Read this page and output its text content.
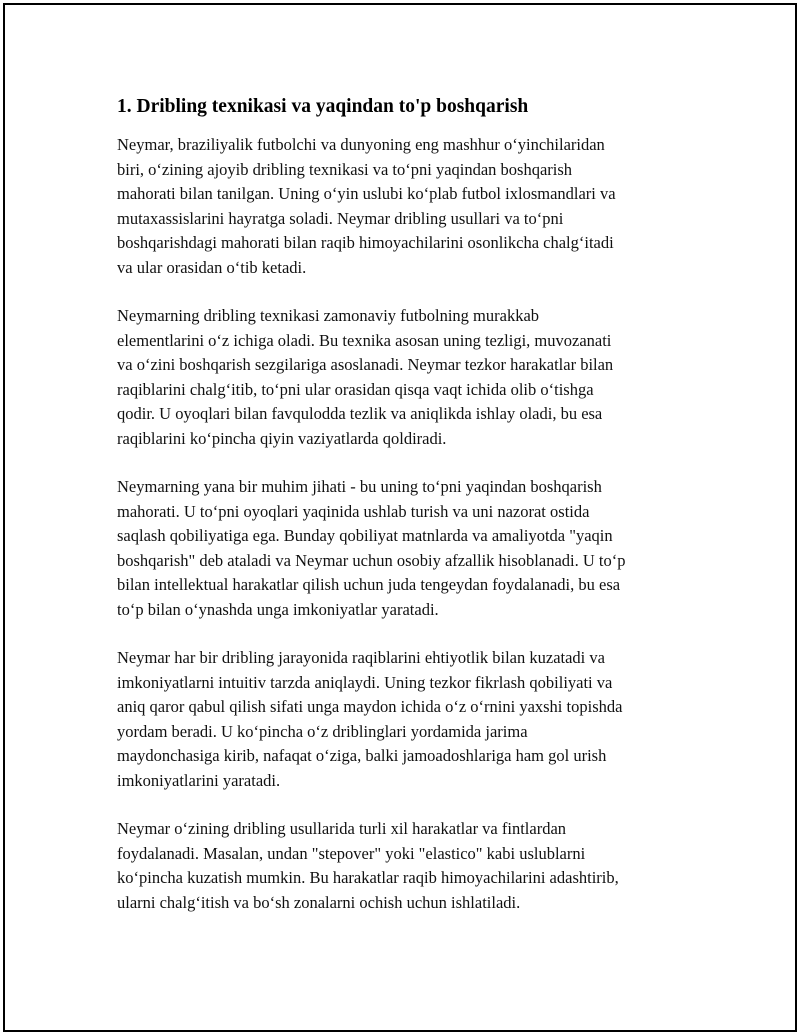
1. Dribling texnikasi va yaqindan to'p boshqarish

Neymar, braziliyalik futbolchi va dunyoning eng mashhur o‘yinchilaridan
biri, o‘zining ajoyib dribling texnikasi va to‘pni yaqindan boshqarish
mahorati bilan tanilgan. Uning o‘yin uslubi ko‘plab futbol ixlosmandlari va
mutaxassislarini hayratga soladi. Neymar dribling usullari va to‘pni
boshqarishdagi mahorati bilan raqib himoyachilarini osonlikcha chalg‘itadi
va ular orasidan o‘tib ketadi.

Neymarning dribling texnikasi zamonaviy futbolning murakkab
elementlarini o‘z ichiga oladi. Bu texnika asosan uning tezligi, muvozanati
va o‘zini boshqarish sezgilariga asoslanadi. Neymar tezkor harakatlar bilan
raqiblarini chalg‘itib, to‘pni ular orasidan qisqa vaqt ichida olib o‘tishga
qodir. U oyoqlari bilan favqulodda tezlik va aniqlikda ishlay oladi, bu esa
raqiblarini ko‘pincha qiyin vaziyatlarda qoldiradi.

Neymarning yana bir muhim jihati - bu uning to‘pni yaqindan boshqarish
mahorati. U to‘pni oyoqlari yaqinida ushlab turish va uni nazorat ostida
saqlash qobiliyatiga ega. Bunday qobiliyat matnlarda va amaliyotda "yaqin
boshqarish" deb ataladi va Neymar uchun osobiy afzallik hisoblanadi. U to‘p
bilan intellektual harakatlar qilish uchun juda tengeydan foydalanadi, bu esa
to‘p bilan o‘ynashda unga imkoniyatlar yaratadi.

Neymar har bir dribling jarayonida raqiblarini ehtiyotlik bilan kuzatadi va
imkoniyatlarni intuitiv tarzda aniqlaydi. Uning tezkor fikrlash qobiliyati va
aniq qaror qabul qilish sifati unga maydon ichida o‘z o‘rnini yaxshi topishda
yordam beradi. U ko‘pincha o‘z driblinglari yordamida jarima
maydonchasiga kirib, nafaqat o‘ziga, balki jamoadoshlariga ham gol urish
imkoniyatlarini yaratadi.

Neymar o‘zining dribling usullarida turli xil harakatlar va fintlardan
foydalanadi. Masalan, undan "stepover" yoki "elastico" kabi uslublarni
ko‘pincha kuzatish mumkin. Bu harakatlar raqib himoyachilarini adashtirib,
ularni chalg‘itish va bo‘sh zonalarni ochish uchun ishlatiladi.
